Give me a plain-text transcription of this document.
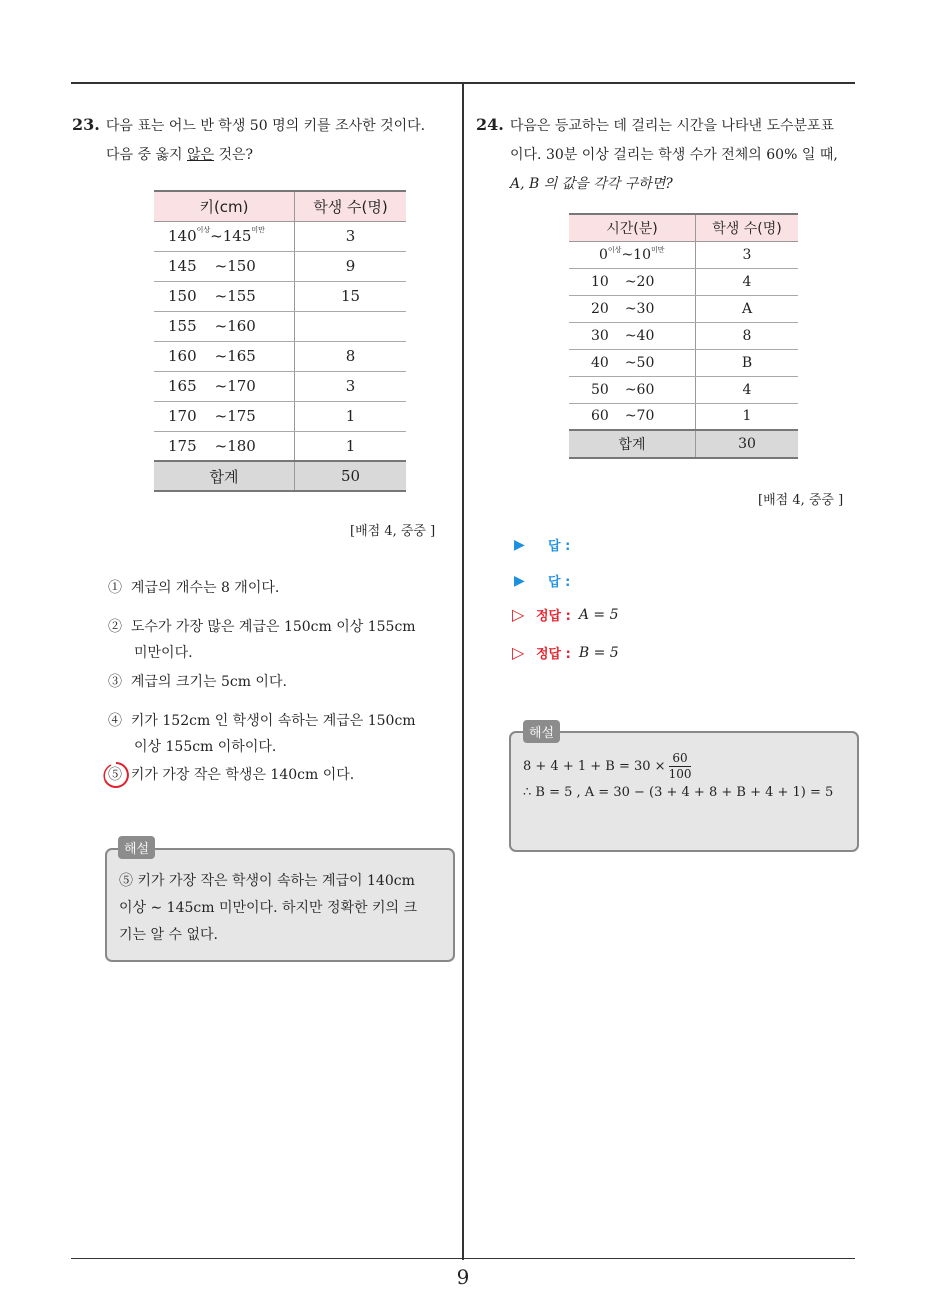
9
23. 다음 표는 어느 반 학생 50 명의 키를 조사한 것이다.
다음 중 옳지 않은 것은?
키(cm)	학생 수(명)
$140^{이상}\sim 145^{미만}$	3
145 ~150	9
150 ~155	15
155 ~160	
160 ~165	8
165 ~170	3
170 ~175	1
175 ~180	1
합계	50
[배점 4, 중중 ]
① 계급의 개수는 8 개이다.
② 도수가 가장 많은 계급은 150cm 이상 155cm
미만이다.
③ 계급의 크기는 5cm 이다.
④ 키가 152cm 인 학생이 속하는 계급은 150cm
이상 155cm 이하이다.
⑤ 키가 가장 작은 학생은 140cm 이다.
⑤ 키가 가장 작은 학생이 속하는 계급이 140cm
이상 ∼ 145cm 미만이다. 하지만 정확한 키의 크
기는 알 수 없다.
해설
24. 다음은 등교하는 데 걸리는 시간을 나타낸 도수분포표
이다. 30분 이상 걸리는 학생 수가 전체의 60% 일 때,
A, B 의 값을 각각 구하면?
시간(분)	학생 수(명)
$0^{이상}\sim 10^{미만}$	3
10 ~20	4
20 ~30	A
30 ~40	8
40 ~50	B
50 ~60	4
60 ~70	1
합계	30
[배점 4, 중중 ]
▶	답 :
▶	답 :
▷ 정답 : A = 5
▷ 정답 : B = 5
$8 + 4 + 1 + B = 30 \times \frac{60}{100}$
∴ B = 5 , A = 30 − (3 + 4 + 8 + B + 4 + 1) = 5
해설
